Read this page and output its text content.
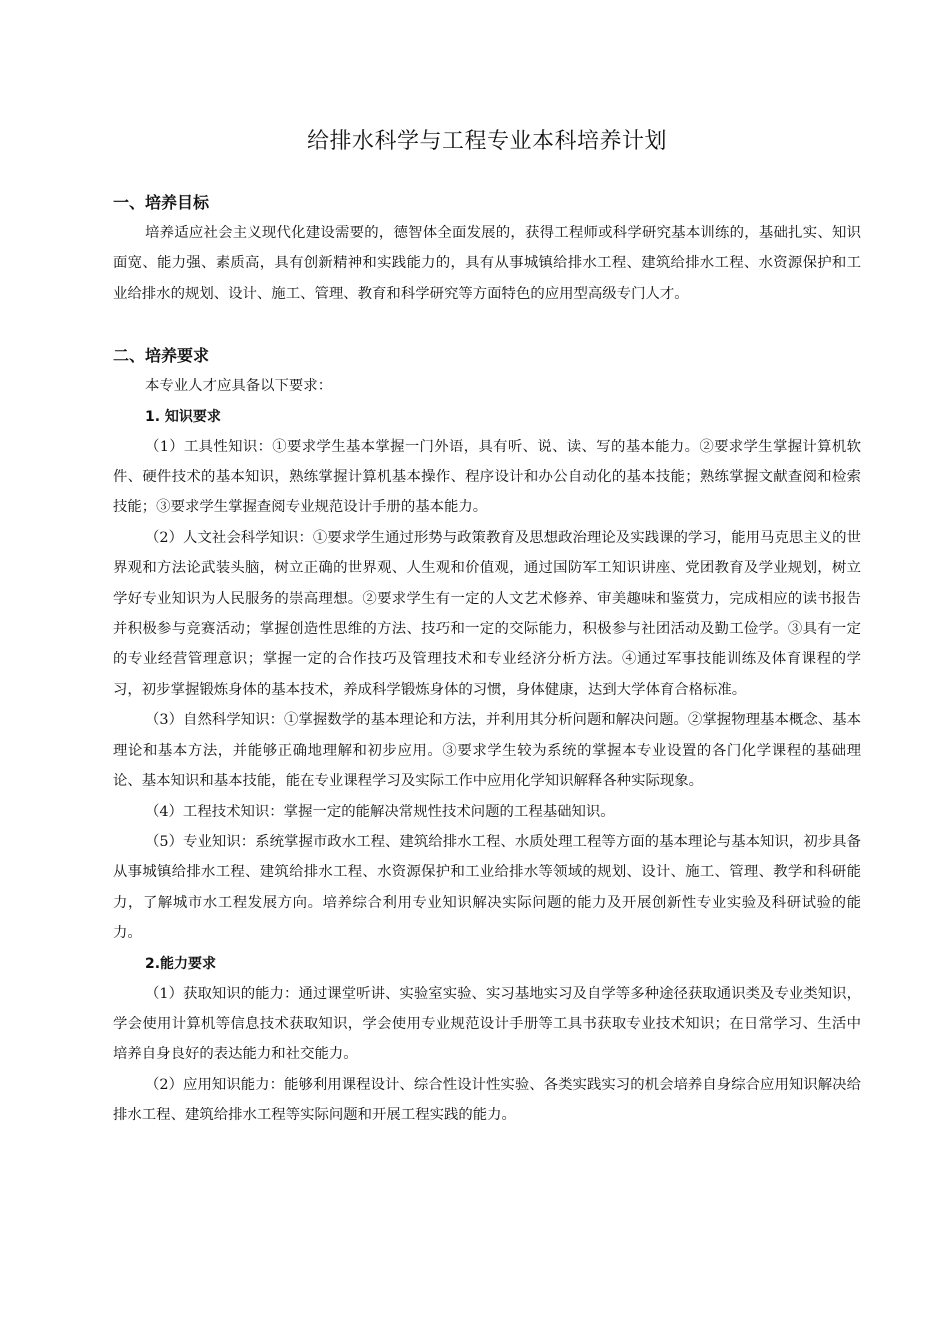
给排水科学与工程专业本科培养计划
一、培养目标

培养适应社会主义现代化建设需要的，德智体全面发展的，获得工程师或科学研究基本训练的，基础扎实、知识面宽、能力强、素质高，具有创新精神和实践能力的，具有从事城镇给排水工程、建筑给排水工程、水资源保护和工业给排水的规划、设计、施工、管理、教育和科学研究等方面特色的应用型高级专门人才。

二、培养要求

本专业人才应具备以下要求：

1. 知识要求

（1）工具性知识：①要求学生基本掌握一门外语，具有听、说、读、写的基本能力。②要求学生掌握计算机软件、硬件技术的基本知识，熟练掌握计算机基本操作、程序设计和办公自动化的基本技能；熟练掌握文献查阅和检索技能；③要求学生掌握查阅专业规范设计手册的基本能力。

（2）人文社会科学知识：①要求学生通过形势与政策教育及思想政治理论及实践课的学习，能用马克思主义的世界观和方法论武装头脑，树立正确的世界观、人生观和价值观，通过国防军工知识讲座、党团教育及学业规划，树立学好专业知识为人民服务的崇高理想。②要求学生有一定的人文艺术修养、审美趣味和鉴赏力，完成相应的读书报告并积极参与竞赛活动；掌握创造性思维的方法、技巧和一定的交际能力，积极参与社团活动及勤工俭学。③具有一定的专业经营管理意识；掌握一定的合作技巧及管理技术和专业经济分析方法。④通过军事技能训练及体育课程的学习，初步掌握锻炼身体的基本技术，养成科学锻炼身体的习惯，身体健康，达到大学体育合格标准。

（3）自然科学知识：①掌握数学的基本理论和方法，并利用其分析问题和解决问题。②掌握物理基本概念、基本理论和基本方法，并能够正确地理解和初步应用。③要求学生较为系统的掌握本专业设置的各门化学课程的基础理论、基本知识和基本技能，能在专业课程学习及实际工作中应用化学知识解释各种实际现象。

（4）工程技术知识：掌握一定的能解决常规性技术问题的工程基础知识。

（5）专业知识：系统掌握市政水工程、建筑给排水工程、水质处理工程等方面的基本理论与基本知识，初步具备从事城镇给排水工程、建筑给排水工程、水资源保护和工业给排水等领域的规划、设计、施工、管理、教学和科研能力，了解城市水工程发展方向。培养综合利用专业知识解决实际问题的能力及开展创新性专业实验及科研试验的能力。

2.能力要求

（1）获取知识的能力：通过课堂听讲、实验室实验、实习基地实习及自学等多种途径获取通识类及专业类知识，学会使用计算机等信息技术获取知识，学会使用专业规范设计手册等工具书获取专业技术知识；在日常学习、生活中培养自身良好的表达能力和社交能力。

（2）应用知识能力：能够利用课程设计、综合性设计性实验、各类实践实习的机会培养自身综合应用知识解决给排水工程、建筑给排水工程等实际问题和开展工程实践的能力。
